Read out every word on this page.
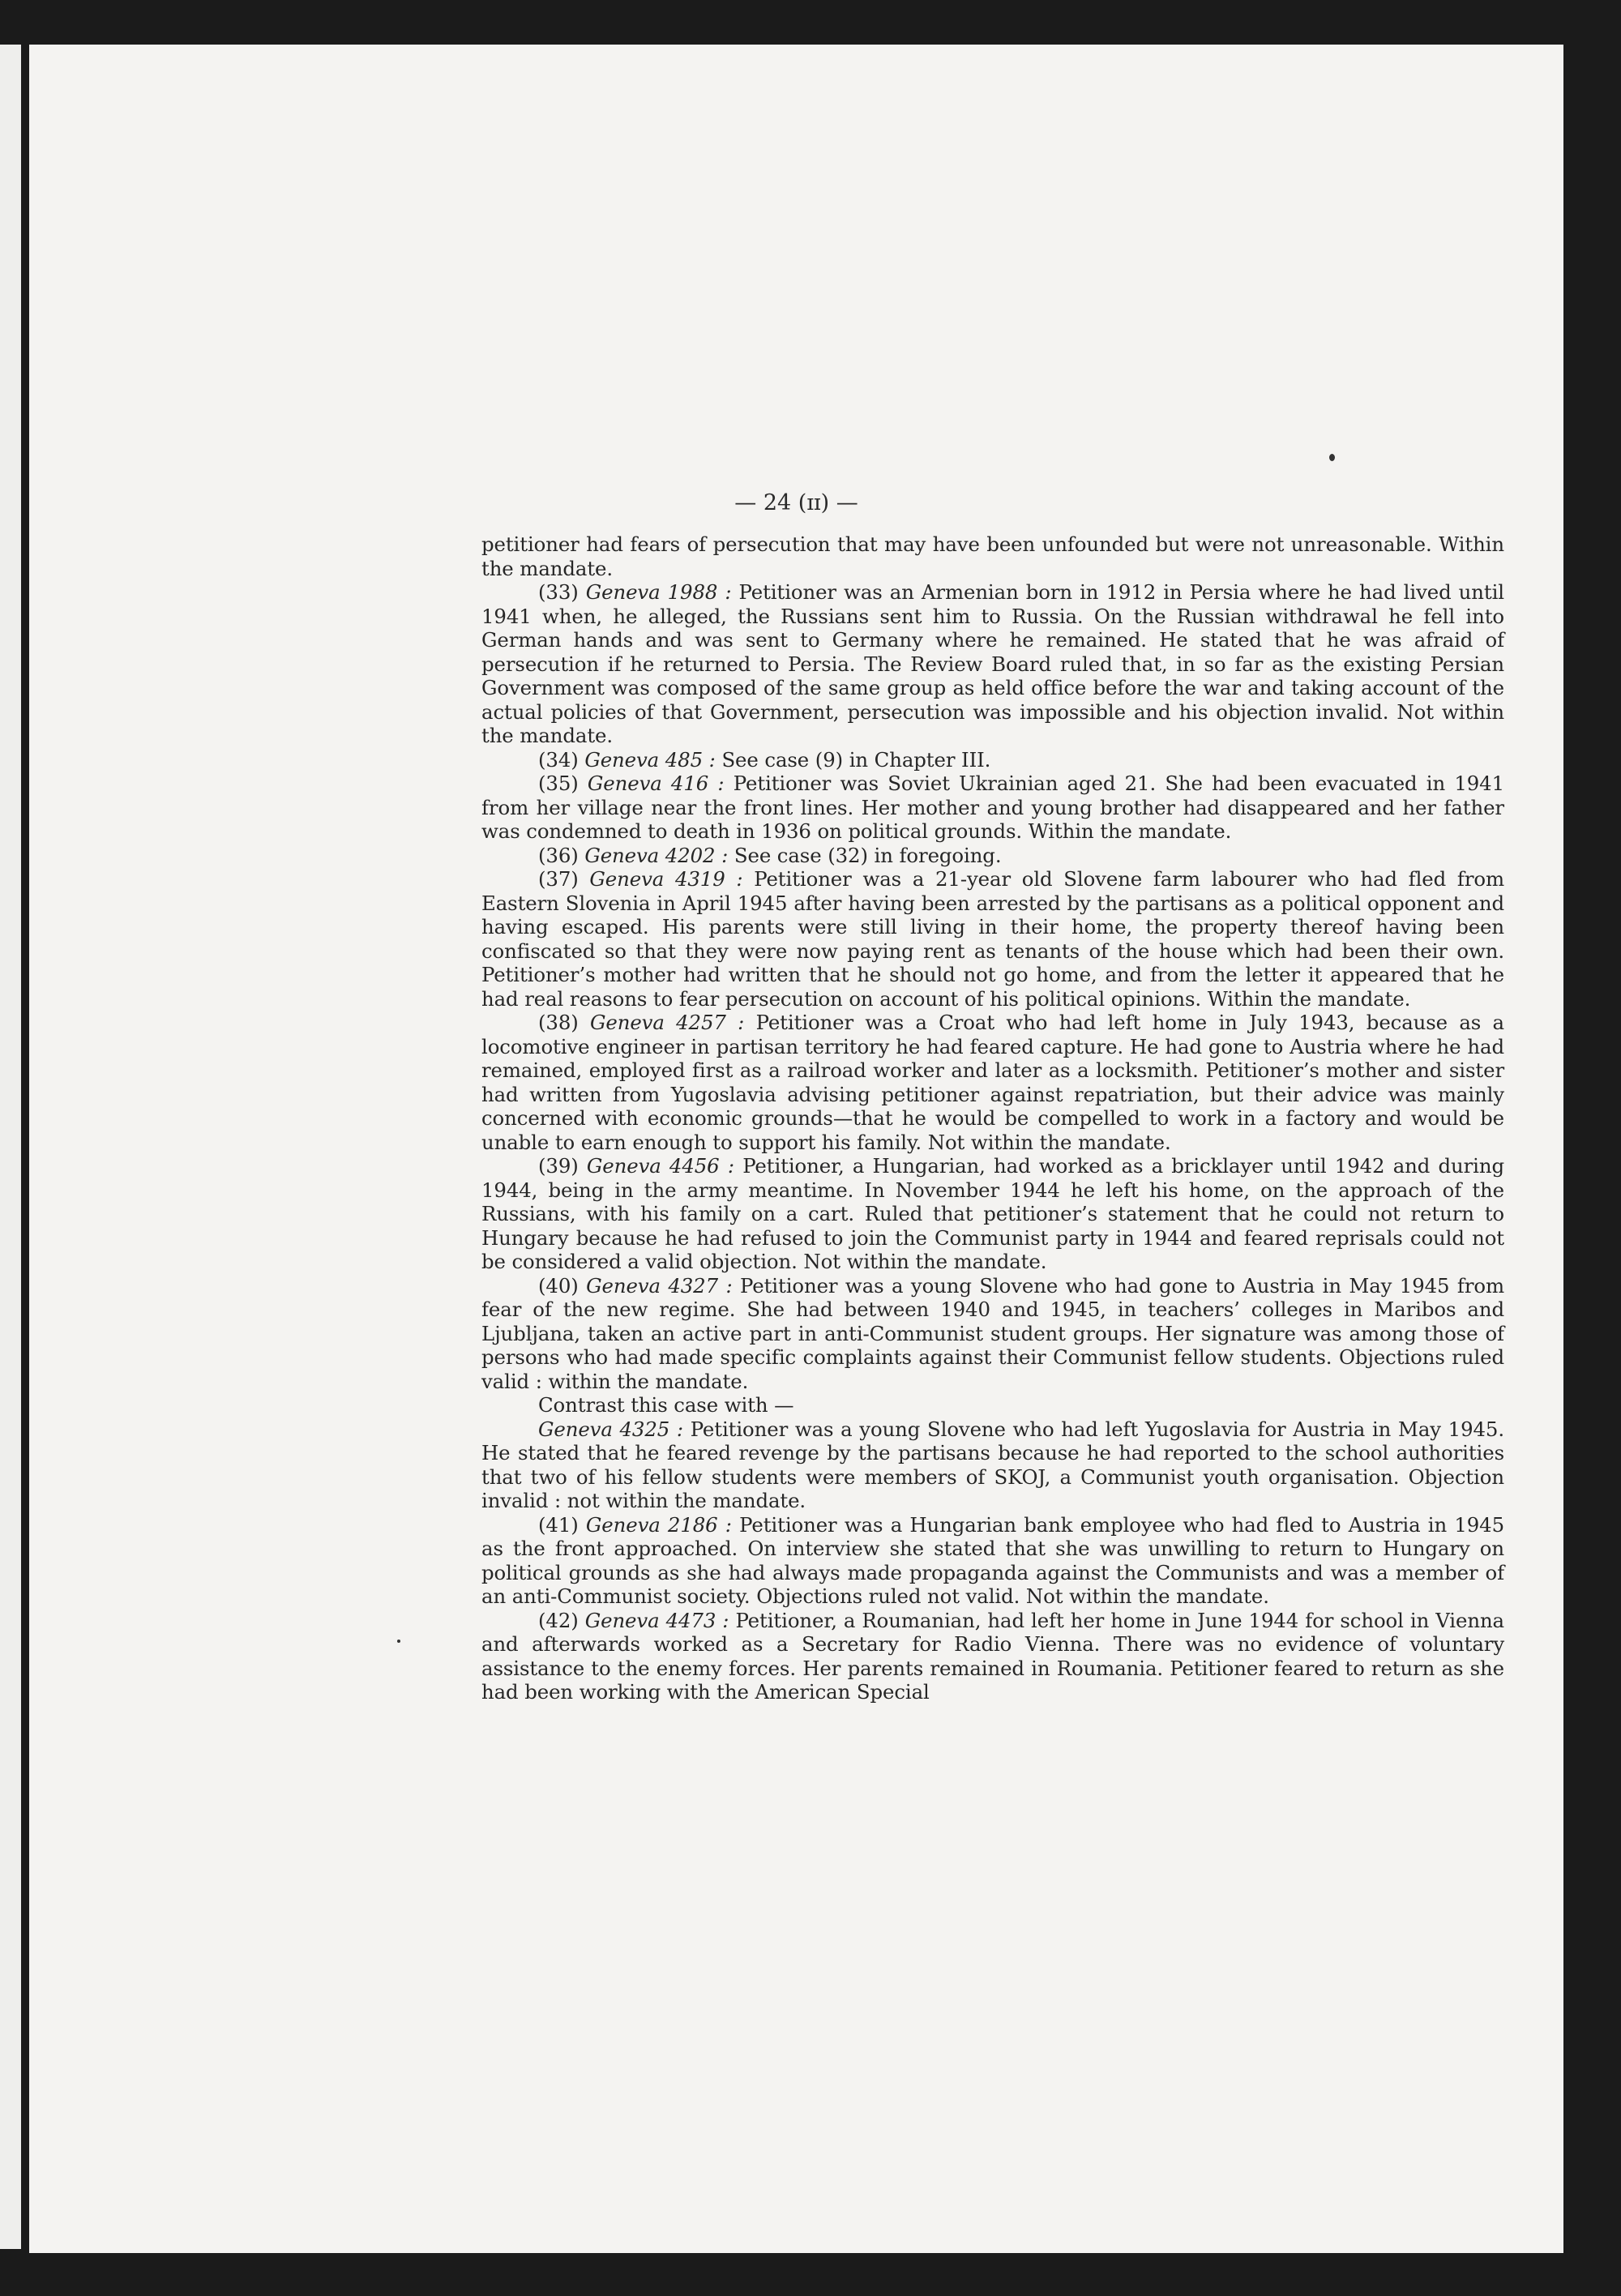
— 24 (ɪɪ) —

petitioner had fears of persecution that may have been unfounded but were not unreasonable. Within the mandate.

(33) Geneva 1988 : Petitioner was an Armenian born in 1912 in Persia where he had lived until 1941 when, he alleged, the Russians sent him to Russia. On the Russian withdrawal he fell into German hands and was sent to Germany where he remained. He stated that he was afraid of persecution if he returned to Persia. The Review Board ruled that, in so far as the existing Persian Government was composed of the same group as held office before the war and taking account of the actual policies of that Government, persecution was impossible and his objection invalid. Not within the mandate.

(34) Geneva 485 : See case (9) in Chapter III.

(35) Geneva 416 : Petitioner was Soviet Ukrainian aged 21. She had been evacuated in 1941 from her village near the front lines. Her mother and young brother had disappeared and her father was condemned to death in 1936 on political grounds. Within the mandate.

(36) Geneva 4202 : See case (32) in foregoing.

(37) Geneva 4319 : Petitioner was a 21-year old Slovene farm labourer who had fled from Eastern Slovenia in April 1945 after having been arrested by the partisans as a political opponent and having escaped. His parents were still living in their home, the property thereof having been confiscated so that they were now paying rent as tenants of the house which had been their own. Petitioner’s mother had written that he should not go home, and from the letter it appeared that he had real reasons to fear persecution on account of his political opinions. Within the mandate.

(38) Geneva 4257 : Petitioner was a Croat who had left home in July 1943, because as a locomotive engineer in partisan territory he had feared capture. He had gone to Austria where he had remained, employed first as a railroad worker and later as a locksmith. Petitioner’s mother and sister had written from Yugoslavia advising petitioner against repatriation, but their advice was mainly concerned with economic grounds—that he would be compelled to work in a factory and would be unable to earn enough to support his family. Not within the mandate.

(39) Geneva 4456 : Petitioner, a Hungarian, had worked as a bricklayer until 1942 and during 1944, being in the army meantime. In November 1944 he left his home, on the approach of the Russians, with his family on a cart. Ruled that petitioner’s statement that he could not return to Hungary because he had refused to join the Communist party in 1944 and feared reprisals could not be considered a valid objection. Not within the mandate.

(40) Geneva 4327 : Petitioner was a young Slovene who had gone to Austria in May 1945 from fear of the new regime. She had between 1940 and 1945, in teachers’ colleges in Maribos and Ljubljana, taken an active part in anti-Communist student groups. Her signature was among those of persons who had made specific complaints against their Communist fellow students. Objections ruled valid : within the mandate.

Contrast this case with —

Geneva 4325 : Petitioner was a young Slovene who had left Yugoslavia for Austria in May 1945. He stated that he feared revenge by the partisans because he had reported to the school authorities that two of his fellow students were members of SKOJ, a Communist youth organisation. Objection invalid : not within the mandate.

(41) Geneva 2186 : Petitioner was a Hungarian bank employee who had fled to Austria in 1945 as the front approached. On interview she stated that she was unwilling to return to Hungary on political grounds as she had always made propaganda against the Communists and was a member of an anti-Communist society. Objections ruled not valid. Not within the mandate.

(42) Geneva 4473 : Petitioner, a Roumanian, had left her home in June 1944 for school in Vienna and afterwards worked as a Secretary for Radio Vienna. There was no evidence of voluntary assistance to the enemy forces. Her parents remained in Roumania. Petitioner feared to return as she had been working with the American Special
